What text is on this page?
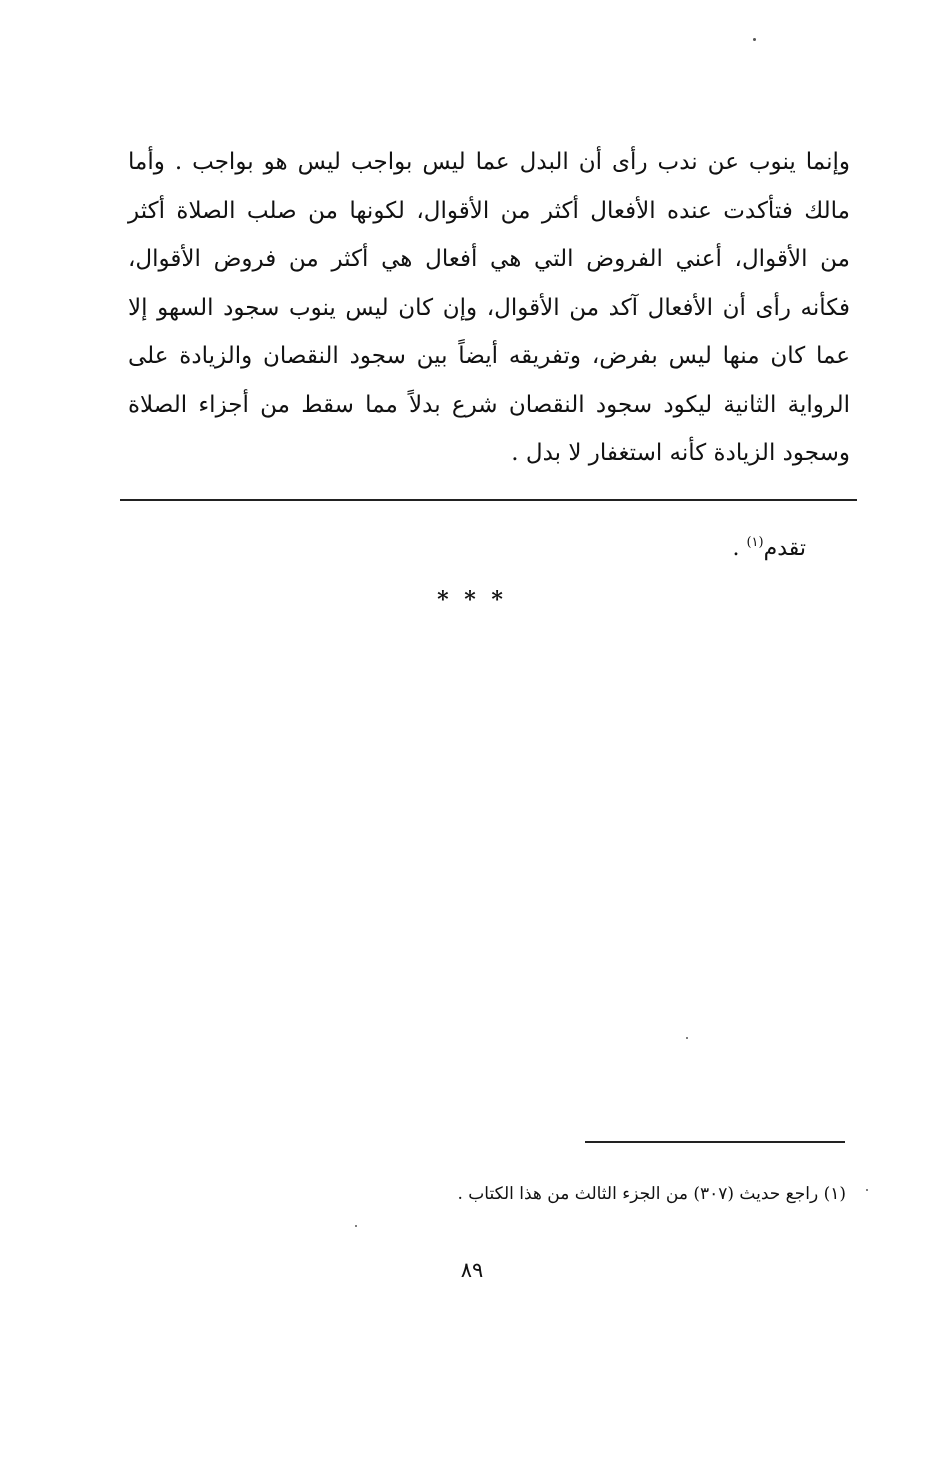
وإنما ينوب عن ندب رأى أن البدل عما ليس بواجب ليس هو بواجب . وأما
مالك فتأكدت عنده الأفعال أكثر من الأقوال، لكونها من صلب الصلاة أكثر
من الأقوال، أعني الفروض التي هي أفعال هي أكثر من فروض الأقوال،
فكأنه رأى أن الأفعال آكد من الأقوال، وإن كان ليس ينوب سجود السهو إلا
عما كان منها ليس بفرض، وتفريقه أيضاً بين سجود النقصان والزيادة على
الرواية الثانية ليكود سجود النقصان شرع بدلاً مما سقط من أجزاء الصلاة
وسجود الزيادة كأنه استغفار لا بدل .
تقدم$^{(١)}$ .
* * *
(١) راجع حديث (٣٠٧) من الجزء الثالث من هذا الكتاب .
٨٩
